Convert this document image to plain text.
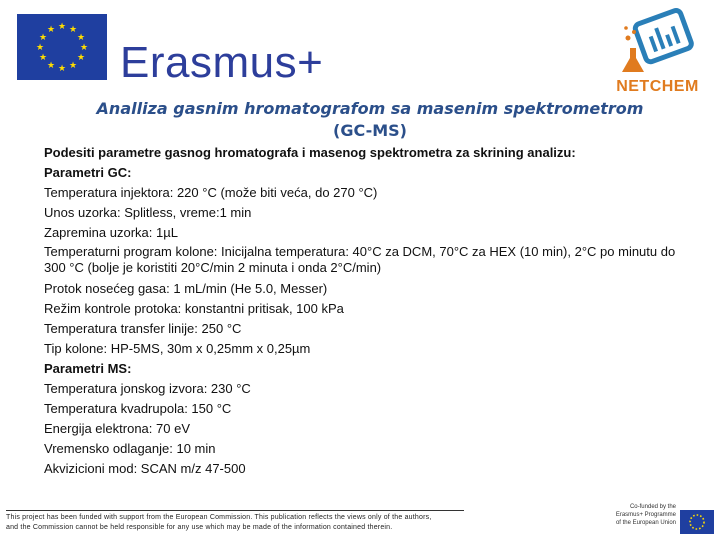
★ ★
★
★
★
★
★
★
★
★
★
★
Erasmus+	NETCHEM
Analliza gasnim hromatografom sa masenim spektrometrom
(GC-MS)
Podesiti parametre gasnog hromatografa i masenog spektrometra za skrining analizu:
Parametri GC:
Temperatura injektora: 220 °C (može biti veća, do 270 °C)
Unos uzorka: Splitless, vreme:1 min
Zapremina uzorka: 1µL
Temperaturni program kolone: Inicijalna temperatura: 40°C za DCM, 70°C za HEX (10 min), 2°C po minutu do 300 °C (bolje je koristiti 20°C/min 2 minuta i onda 2°C/min)
Protok nosećeg gasa: 1 mL/min (He 5.0, Messer)
Režim kontrole protoka: konstantni pritisak, 100 kPa
Temperatura transfer linije: 250 °C
Tip kolone: HP-5MS, 30m x 0,25mm x 0,25µm
Parametri MS:
Temperatura jonskog izvora: 230 °C
Temperatura kvadrupola: 150 °C
Energija elektrona: 70 eV
Vremensko odlaganje: 10 min
Akvizicioni mod: SCAN m/z 47-500
This project has been funded with support from the European Commission. This publication reflects the views only of the authors,
and the Commission cannot be held responsible for any use which may be made of the information contained therein.
Co-funded by the
Erasmus+ Programme
of the European Union
